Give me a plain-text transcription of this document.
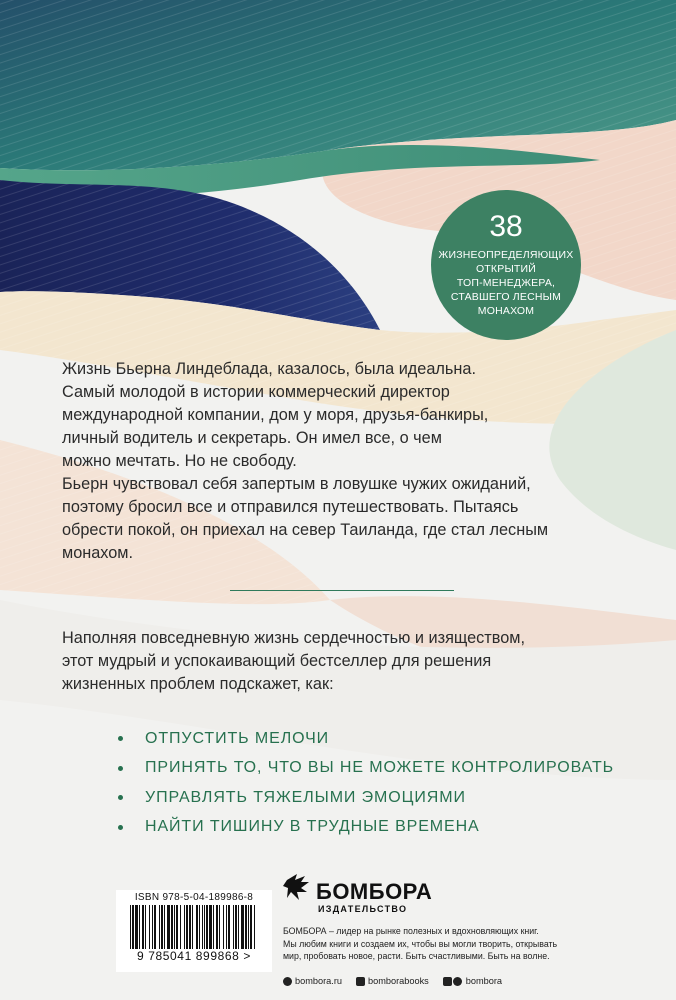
38
ЖИЗНЕОПРЕДЕЛЯЮЩИХ
ОТКРЫТИЙ
ТОП-МЕНЕДЖЕРА,
СТАВШЕГО ЛЕСНЫМ
МОНАХОМ

Жизнь Бьерна Линдеблада, казалось, была идеальна.
Самый молодой в истории коммерческий директор
международной компании, дом у моря, друзья-банкиры,
личный водитель и секретарь. Он имел все, о чем
можно мечтать. Но не свободу.

Бьерн чувствовал себя запертым в ловушке чужих ожиданий,
поэтому бросил все и отправился путешествовать. Пытаясь
обрести покой, он приехал на север Таиланда, где стал лесным
монахом.

Наполняя повседневную жизнь сердечностью и изяществом,
этот мудрый и успокаивающий бестселлер для решения
жизненных проблем подскажет, как:

ОТПУСТИТЬ МЕЛОЧИ
ПРИНЯТЬ ТО, ЧТО ВЫ НЕ МОЖЕТЕ КОНТРОЛИРОВАТЬ
УПРАВЛЯТЬ ТЯЖЕЛЫМИ ЭМОЦИЯМИ
НАЙТИ ТИШИНУ В ТРУДНЫЕ ВРЕМЕНА
ISBN 978-5-04-189986-8
9 785041 899868 >
БОМБОРА
ИЗДАТЕЛЬСТВО

БОМБОРА – лидер на рынке полезных и вдохновляющих книг.
Мы любим книги и создаем их, чтобы вы могли творить, открывать
мир, пробовать новое, расти. Быть счастливыми. Быть на волне.

bombora.ru	bomborabooks	bombora
